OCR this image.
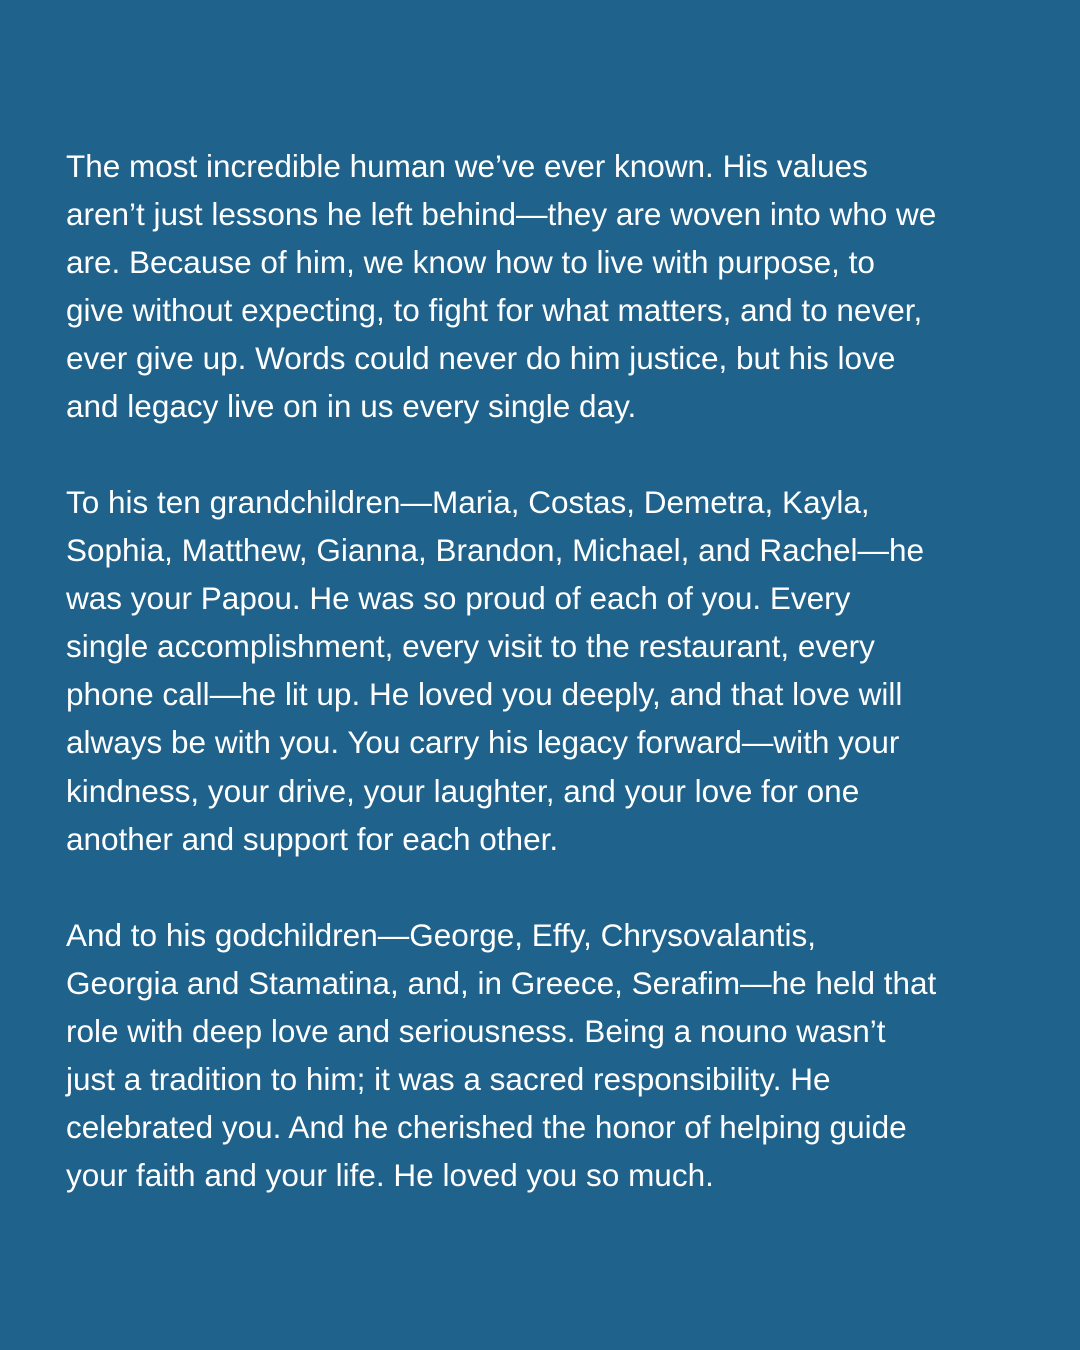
The most incredible human we’ve ever known. His values
aren’t just lessons he left behind—they are woven into who we
are. Because of him, we know how to live with purpose, to
give without expecting, to fight for what matters, and to never,
ever give up. Words could never do him justice, but his love
and legacy live on in us every single day.

To his ten grandchildren—Maria, Costas, Demetra, Kayla,
Sophia, Matthew, Gianna, Brandon, Michael, and Rachel—he
was your Papou. He was so proud of each of you. Every
single accomplishment, every visit to the restaurant, every
phone call—he lit up. He loved you deeply, and that love will
always be with you. You carry his legacy forward—with your
kindness, your drive, your laughter, and your love for one
another and support for each other.

And to his godchildren—George, Effy, Chrysovalantis,
Georgia and Stamatina, and, in Greece, Serafim—he held that
role with deep love and seriousness. Being a nouno wasn’t
just a tradition to him; it was a sacred responsibility. He
celebrated you. And he cherished the honor of helping guide
your faith and your life. He loved you so much.
